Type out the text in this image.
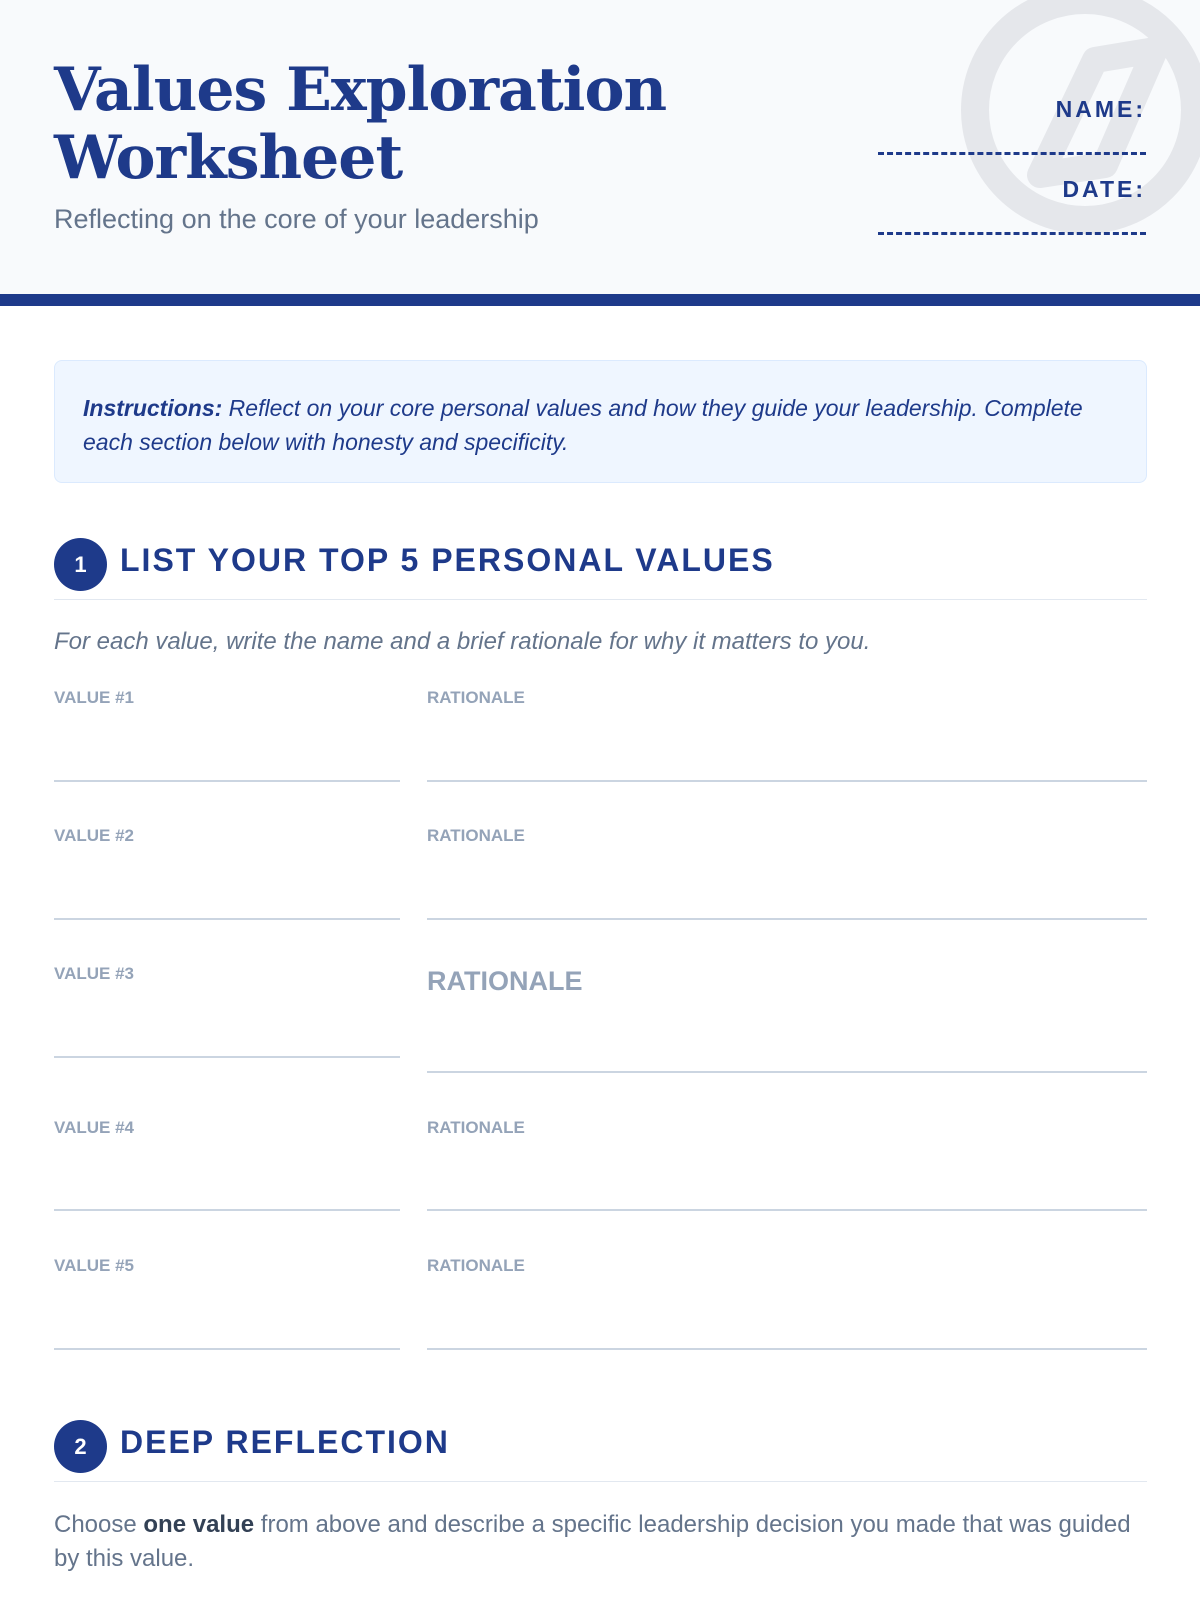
Values Exploration
Worksheet
Reflecting on the core of your leadership
NAME:
DATE:
Instructions: Reflect on your core personal values and how they guide your leadership. Complete each section below with honesty and specificity.
1	LIST YOUR TOP 5 PERSONAL VALUES
For each value, write the name and a brief rationale for why it matters to you.
VALUE #1	RATIONALE
VALUE #2	RATIONALE
VALUE #3	RATIONALE
VALUE #4	RATIONALE
VALUE #5	RATIONALE
2	DEEP REFLECTION
Choose one value from above and describe a specific leadership decision you made that was guided by this value.
